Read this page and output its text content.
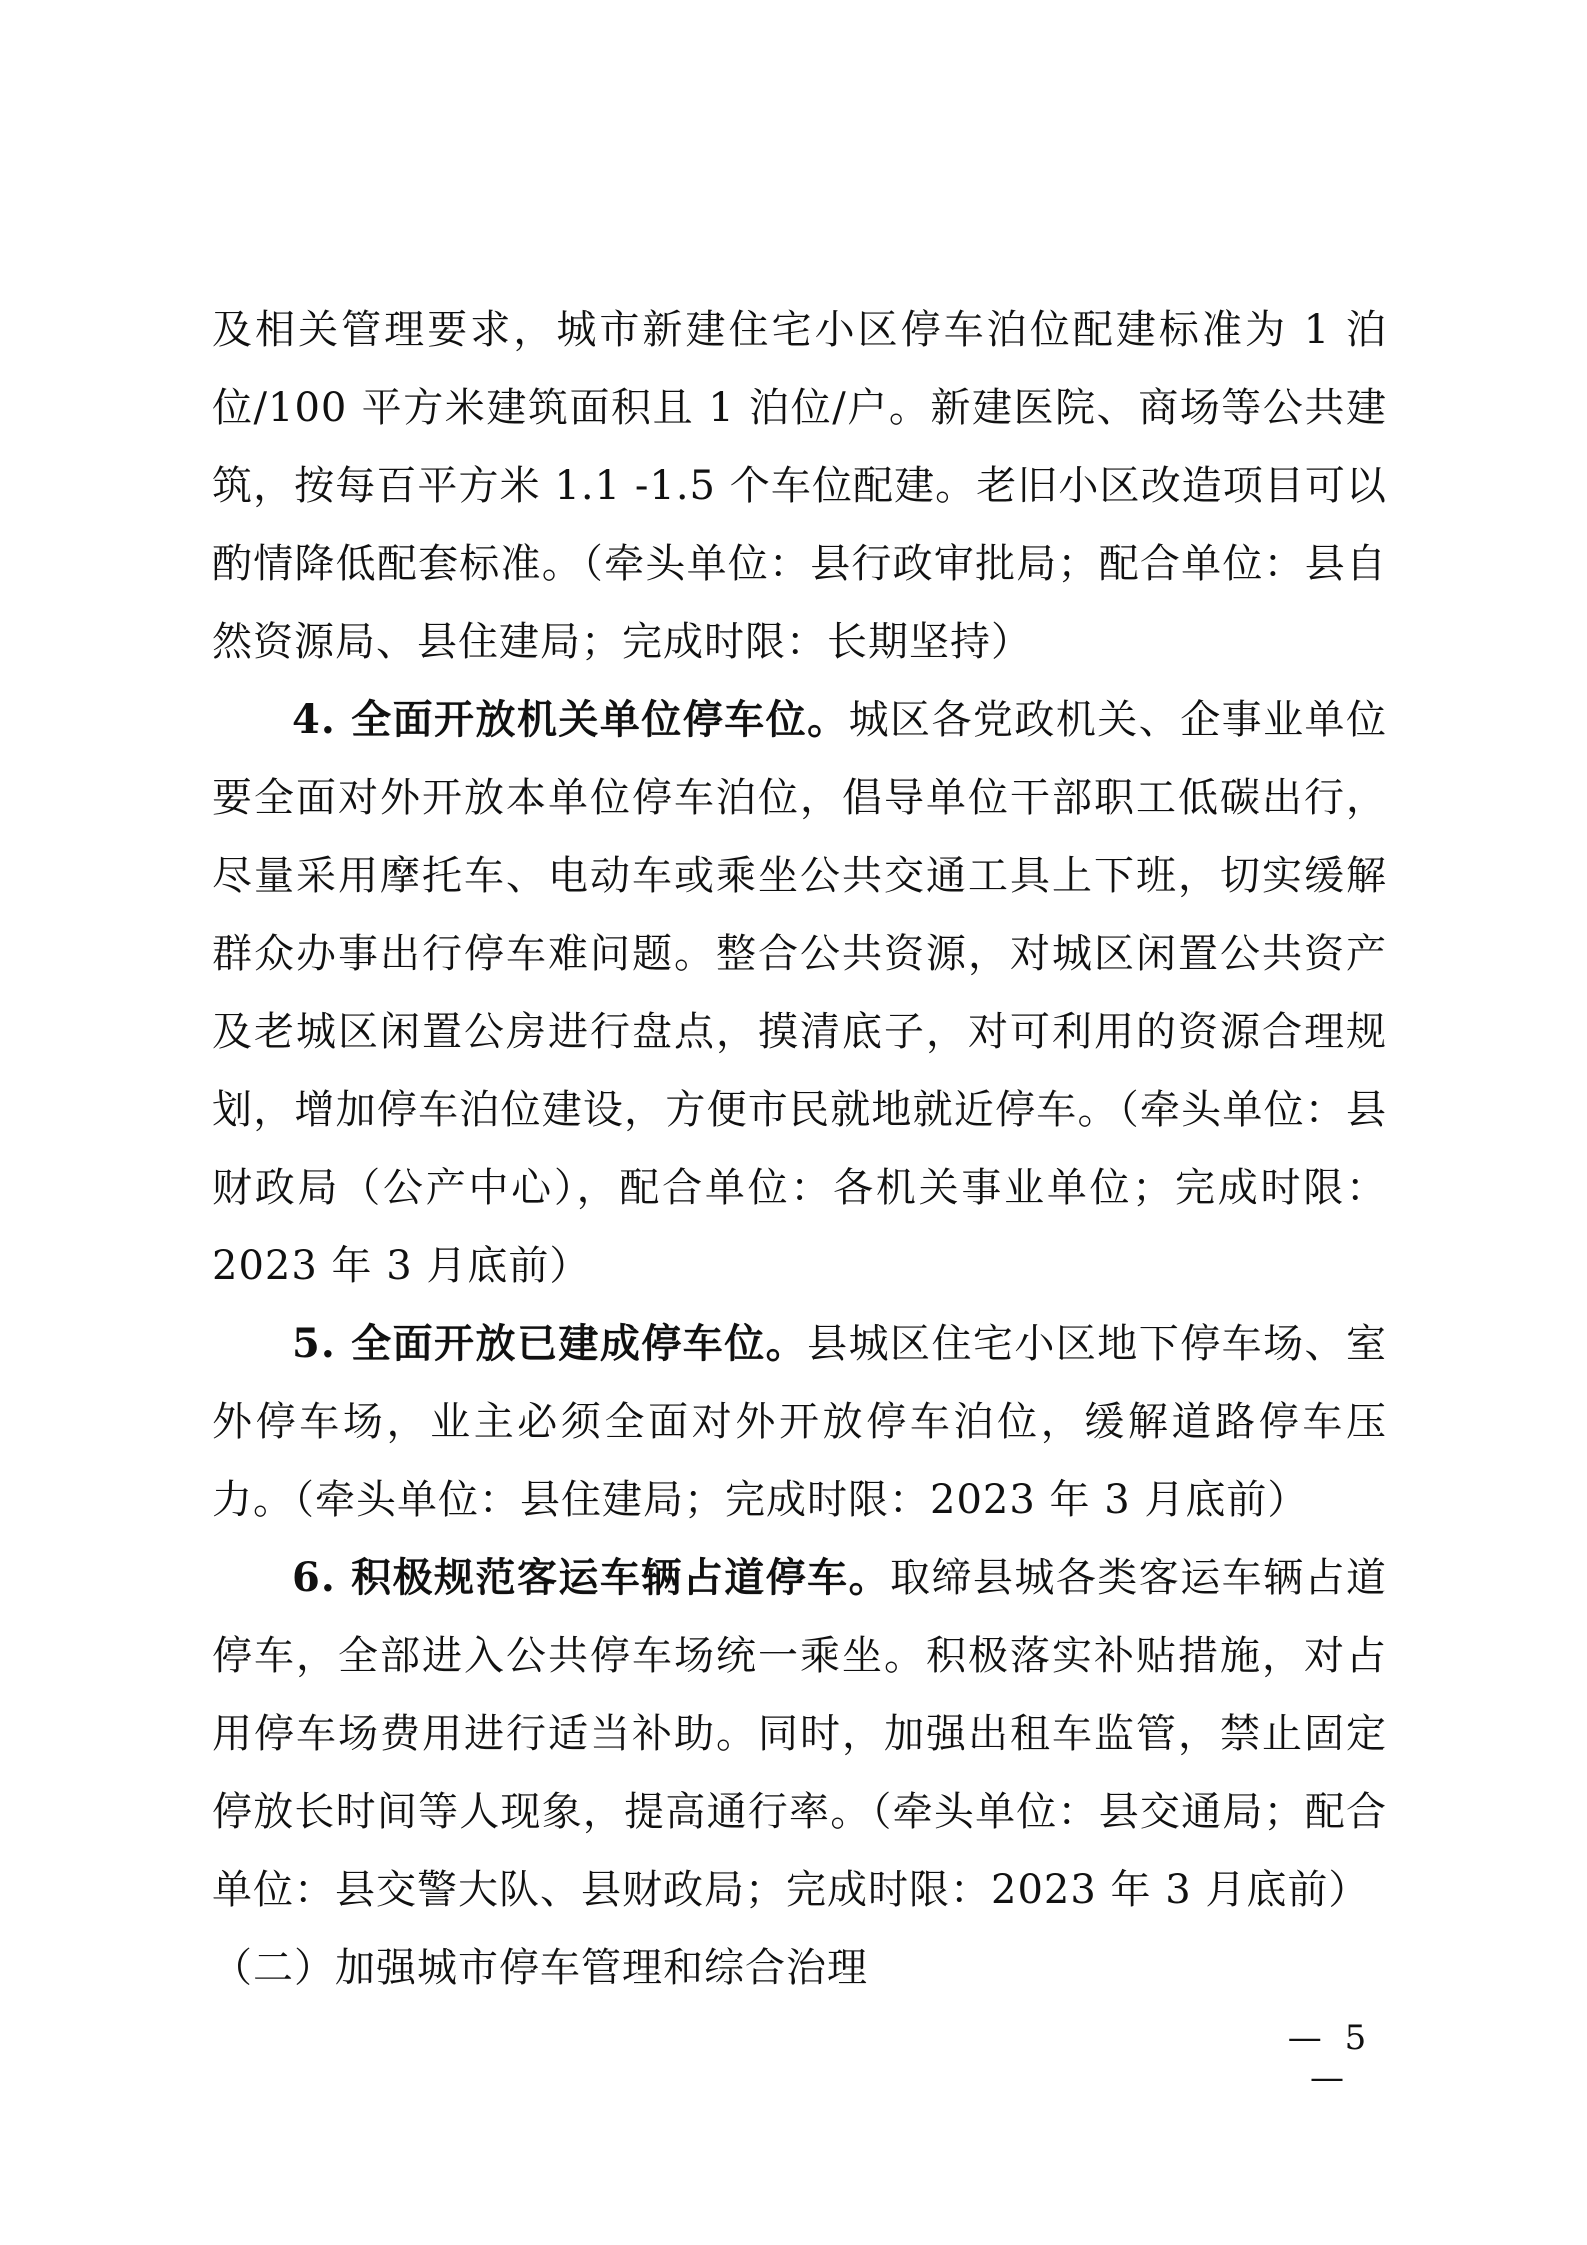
及相关管理要求，城市新建住宅小区停车泊位配建标准为 1 泊位/100 平方米建筑面积且 1 泊位/户。新建医院、商场等公共建筑，按每百平方米 1.1 -1.5 个车位配建。老旧小区改造项目可以酌情降低配套标准。（牵头单位：县行政审批局；配合单位：县自然资源局、县住建局；完成时限：长期坚持）

4. 全面开放机关单位停车位。城区各党政机关、企事业单位要全面对外开放本单位停车泊位，倡导单位干部职工低碳出行，尽量采用摩托车、电动车或乘坐公共交通工具上下班，切实缓解群众办事出行停车难问题。整合公共资源，对城区闲置公共资产及老城区闲置公房进行盘点，摸清底子，对可利用的资源合理规划，增加停车泊位建设，方便市民就地就近停车。（牵头单位：县财政局（公产中心），配合单位：各机关事业单位；完成时限：2023 年 3 月底前）

5. 全面开放已建成停车位。县城区住宅小区地下停车场、室外停车场，业主必须全面对外开放停车泊位，缓解道路停车压力。（牵头单位：县住建局；完成时限：2023 年 3 月底前）

6. 积极规范客运车辆占道停车。取缔县城各类客运车辆占道停车，全部进入公共停车场统一乘坐。积极落实补贴措施，对占用停车场费用进行适当补助。同时，加强出租车监管，禁止固定停放长时间等人现象，提高通行率。（牵头单位：县交通局；配合单位：县交警大队、县财政局；完成时限：2023 年 3 月底前）

（二）加强城市停车管理和综合治理

— 5 —
